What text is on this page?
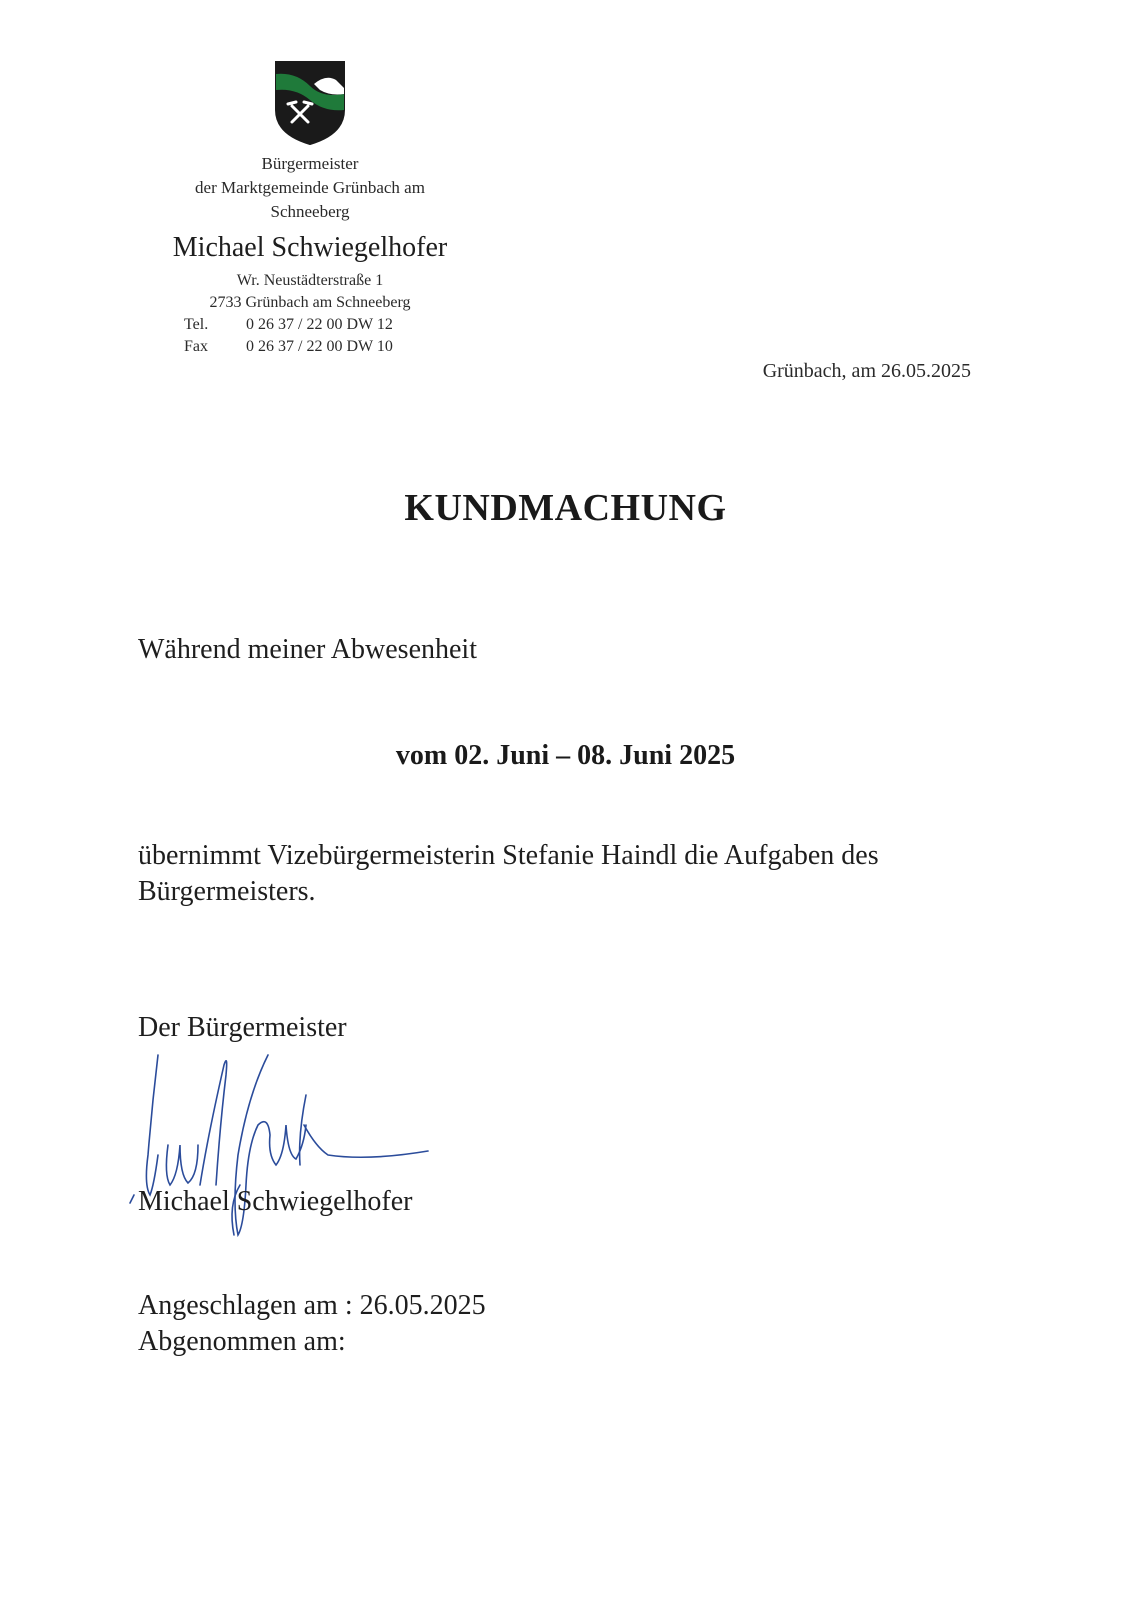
Bürgermeister
der Marktgemeinde Grünbach am
Schneeberg
Michael Schwiegelhofer
Wr. Neustädterstraße 1
2733 Grünbach am Schneeberg
Tel.	0 26 37 / 22 00 DW 12
Fax	0 26 37 / 22 00 DW 10
Grünbach, am 26.05.2025
KUNDMACHUNG
Während meiner Abwesenheit
vom 02. Juni – 08. Juni 2025
übernimmt Vizebürgermeisterin Stefanie Haindl die Aufgaben des
Bürgermeisters.
Der Bürgermeister
Michael Schwiegelhofer
Angeschlagen am : 26.05.2025
Abgenommen am:
